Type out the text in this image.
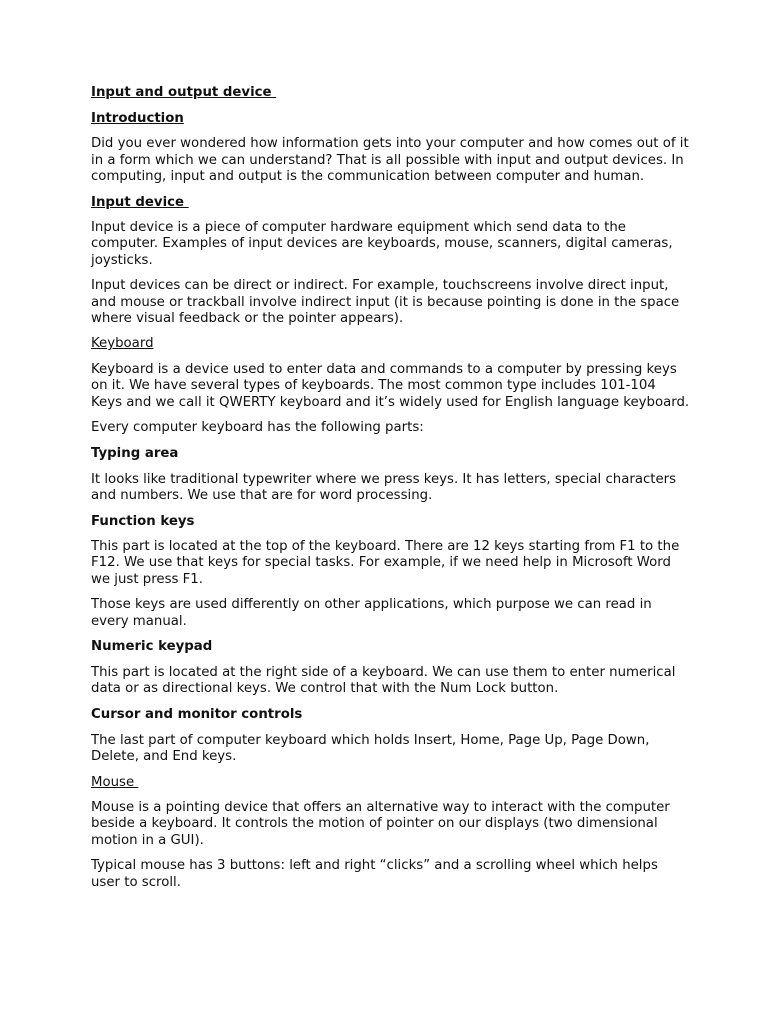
Input and output device

Introduction

Did you ever wondered how information gets into your computer and how comes out of it in a form which we can understand? That is all possible with input and output devices. In computing, input and output is the communication between computer and human.

Input device

Input device is a piece of computer hardware equipment which send data to the computer. Examples of input devices are keyboards, mouse, scanners, digital cameras, joysticks.

Input devices can be direct or indirect. For example, touchscreens involve direct input, and mouse or trackball involve indirect input (it is because pointing is done in the space where visual feedback or the pointer appears).

Keyboard

Keyboard is a device used to enter data and commands to a computer by pressing keys on it. We have several types of keyboards. The most common type includes 101-104 Keys and we call it QWERTY keyboard and it’s widely used for English language keyboard.

Every computer keyboard has the following parts:

Typing area

It looks like traditional typewriter where we press keys. It has letters, special characters and numbers. We use that are for word processing.

Function keys

This part is located at the top of the keyboard. There are 12 keys starting from F1 to the F12. We use that keys for special tasks. For example, if we need help in Microsoft Word we just press F1.

Those keys are used differently on other applications, which purpose we can read in every manual.

Numeric keypad

This part is located at the right side of a keyboard. We can use them to enter numerical data or as directional keys. We control that with the Num Lock button.

Cursor and monitor controls

The last part of computer keyboard which holds Insert, Home, Page Up, Page Down, Delete, and End keys.

Mouse

Mouse is a pointing device that offers an alternative way to interact with the computer beside a keyboard. It controls the motion of pointer on our displays (two dimensional motion in a GUI).

Typical mouse has 3 buttons: left and right “clicks” and a scrolling wheel which helps user to scroll.
